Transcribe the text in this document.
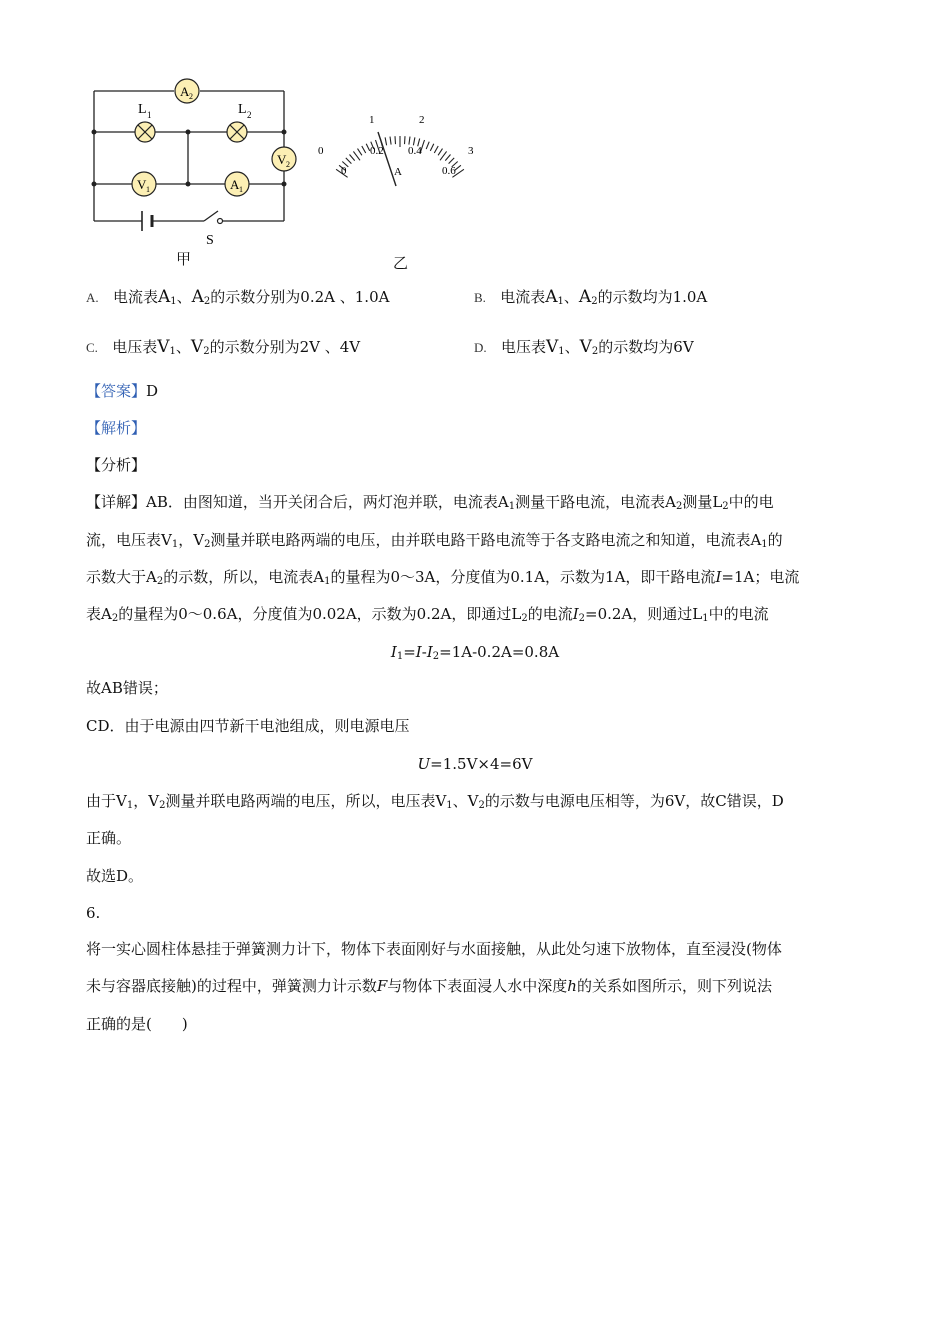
A 2
L 1	L 2
V 2
V 1	A 1
S
甲
0
1	2
3
0
0.2 0.4
0.6
A
乙
A. 电流表$A_1$、$A_2$的示数分别为0.2A 、1.0A	B. 电流表$A_1$、$A_2$的示数均为1.0A
C. 电压表$V_1$、$V_2$的示数分别为2V 、4V	D. 电压表$V_1$、$V_2$的示数均为6V
【答案】D
【解析】
【分析】
【详解】AB．由图知道，当开关闭合后，两灯泡并联，电流表$A_1$测量干路电流，电流表$A_2$测量$L_2$中的电
流，电压表$V_1$，$V_2$测量并联电路两端的电压，由并联电路干路电流等于各支路电流之和知道，电流表$A_1$的
示数大于$A_2$的示数，所以，电流表$A_1$的量程为0～3A，分度值为0.1A，示数为1A，即干路电流I=1A；电流
表$A_2$的量程为0～0.6A，分度值为0.02A，示数为0.2A，即通过$L_2$的电流$I_2=0.2A$，则通过$L_1$中的电流
$I_1=I-I_2=1A-0.2A=0.8A$
故AB错误；
CD．由于电源由四节新干电池组成，则电源电压
U=1.5V×4=6V
由于$V_1$，$V_2$测量并联电路两端的电压，所以，电压表$V_1$、$V_2$的示数与电源电压相等，为6V，故C错误，D
正确。
故选D。
6.
将一实心圆柱体悬挂于弹簧测力计下，物体下表面刚好与水面接触，从此处匀速下放物体，直至浸没(物体
未与容器底接触)的过程中，弹簧测力计示数F与物体下表面浸人水中深度h的关系如图所示，则下列说法
正确的是(　　)
